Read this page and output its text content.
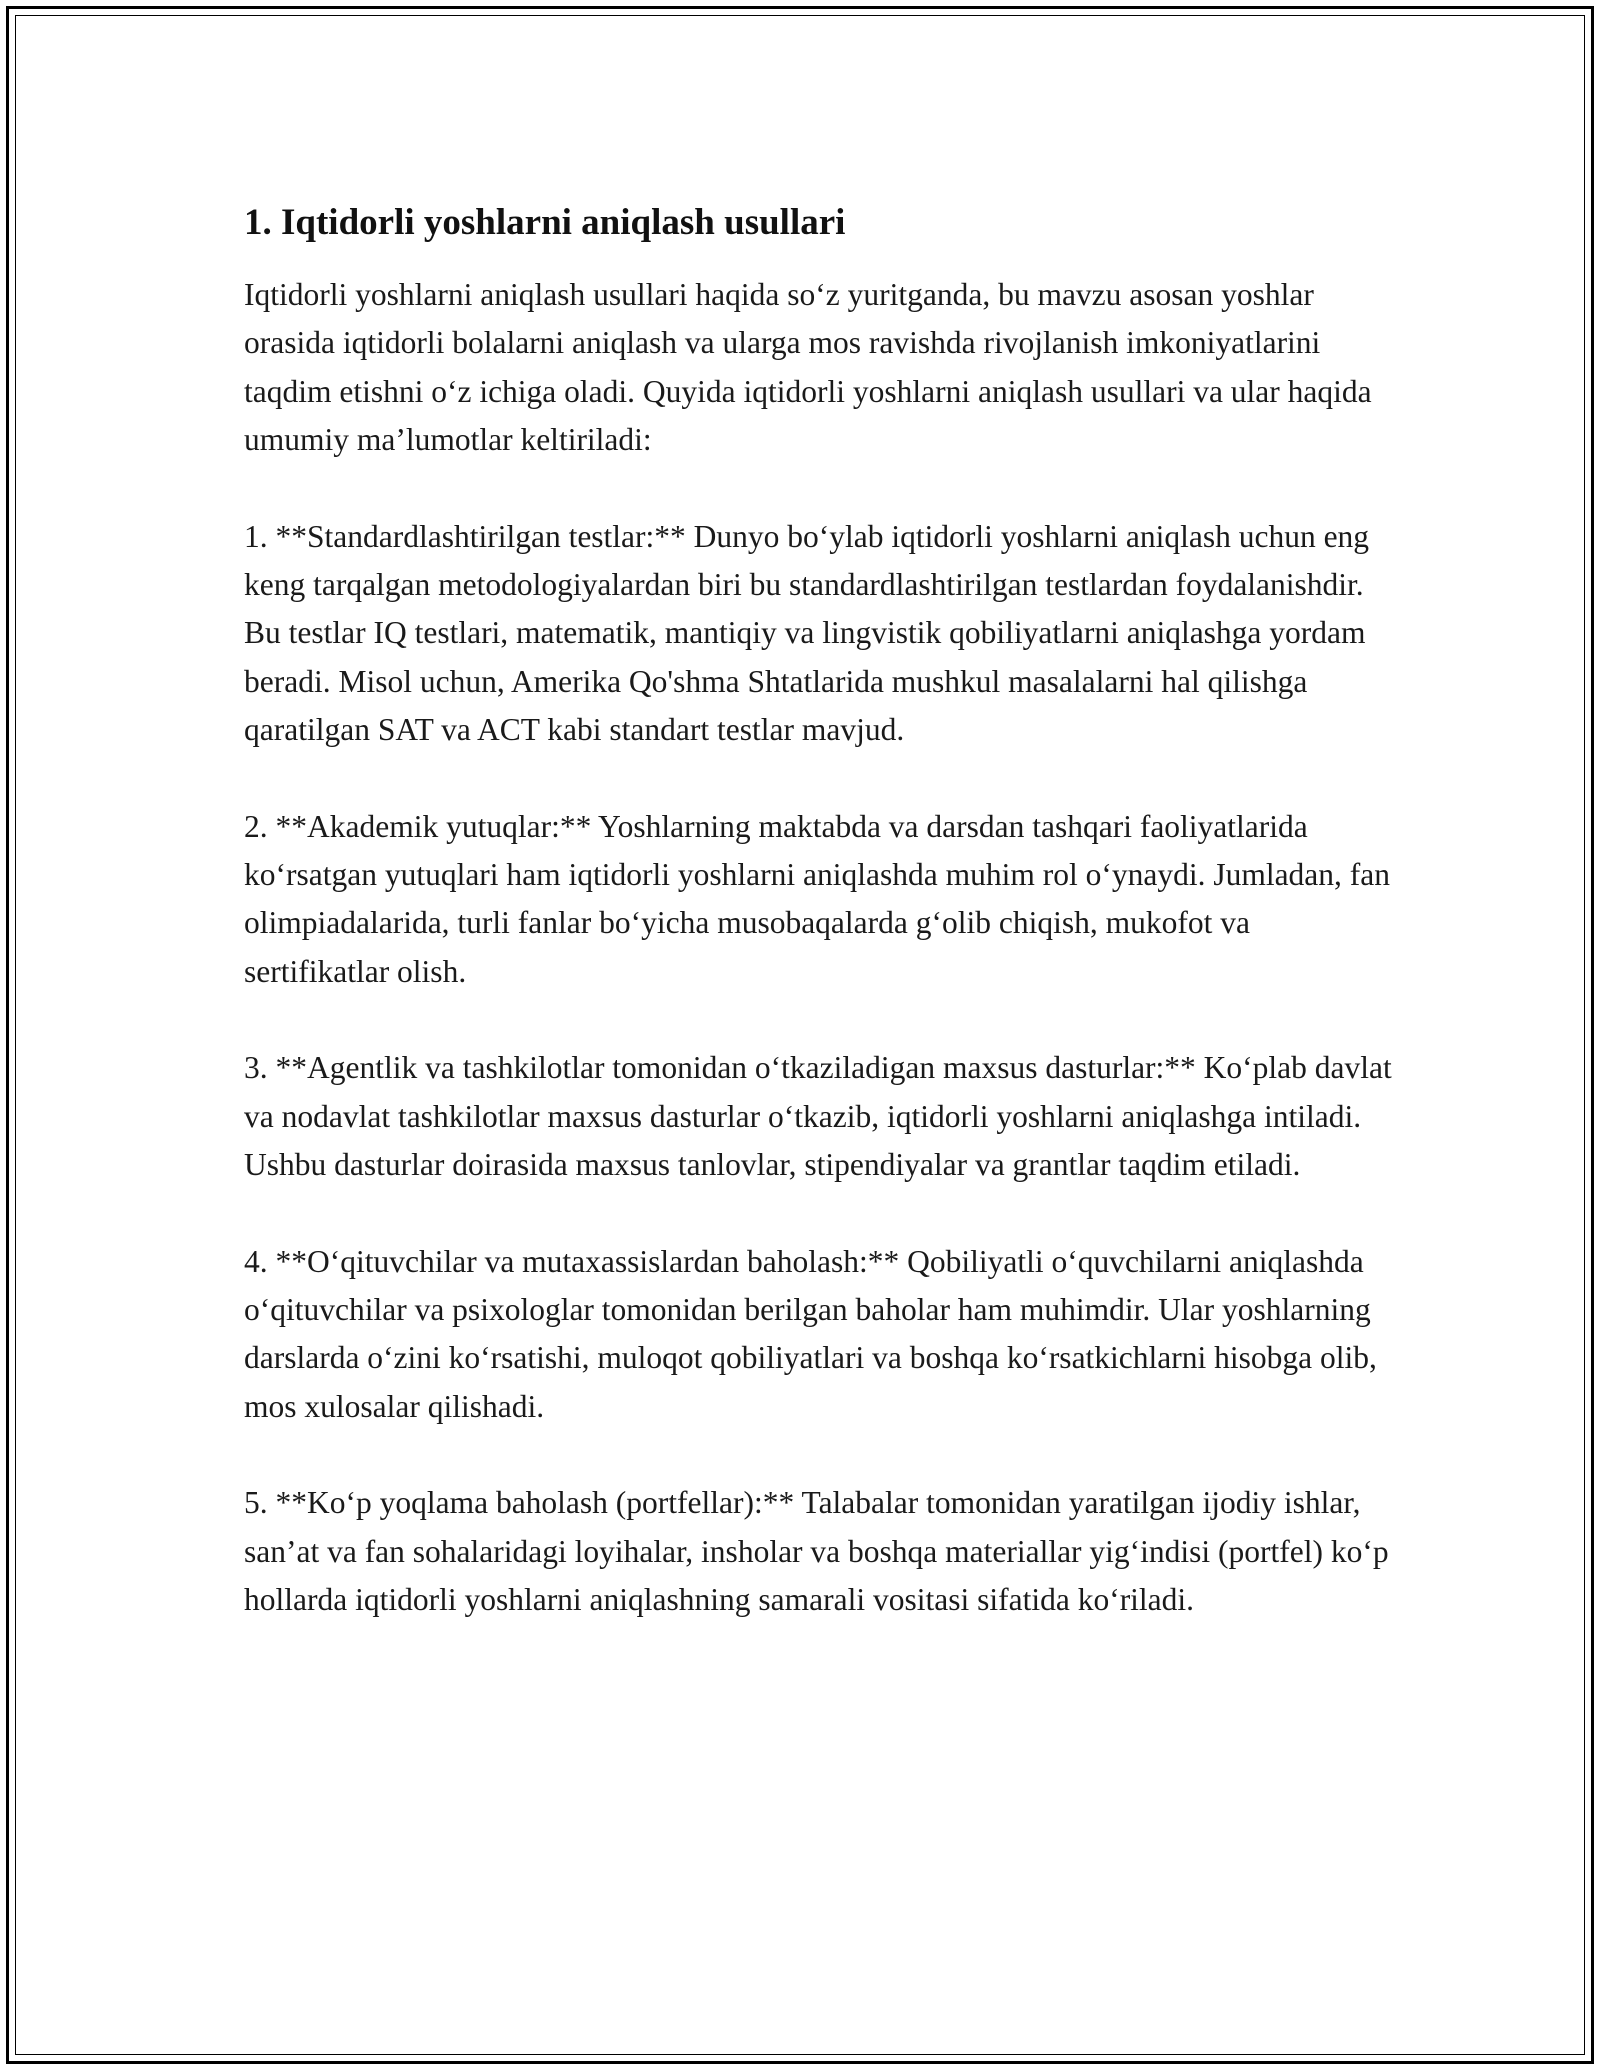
1. Iqtidorli yoshlarni aniqlash usullari

Iqtidorli yoshlarni aniqlash usullari haqida so‘z yuritganda, bu mavzu asosan yoshlar orasida iqtidorli bolalarni aniqlash va ularga mos ravishda rivojlanish imkoniyatlarini taqdim etishni o‘z ichiga oladi. Quyida iqtidorli yoshlarni aniqlash usullari va ular haqida umumiy ma’lumotlar keltiriladi:

1. **Standardlashtirilgan testlar:** Dunyo bo‘ylab iqtidorli yoshlarni aniqlash uchun eng keng tarqalgan metodologiyalardan biri bu standardlashtirilgan testlardan foydalanishdir. Bu testlar IQ testlari, matematik, mantiqiy va lingvistik qobiliyatlarni aniqlashga yordam beradi. Misol uchun, Amerika Qo'shma Shtatlarida mushkul masalalarni hal qilishga qaratilgan SAT va ACT kabi standart testlar mavjud.

2. **Akademik yutuqlar:** Yoshlarning maktabda va darsdan tashqari faoliyatlarida ko‘rsatgan yutuqlari ham iqtidorli yoshlarni aniqlashda muhim rol o‘ynaydi. Jumladan, fan olimpiadalarida, turli fanlar bo‘yicha musobaqalarda g‘olib chiqish, mukofot va sertifikatlar olish.

3. **Agentlik va tashkilotlar tomonidan o‘tkaziladigan maxsus dasturlar:** Ko‘plab davlat va nodavlat tashkilotlar maxsus dasturlar o‘tkazib, iqtidorli yoshlarni aniqlashga intiladi. Ushbu dasturlar doirasida maxsus tanlovlar, stipendiyalar va grantlar taqdim etiladi.

4. **O‘qituvchilar va mutaxassislardan baholash:** Qobiliyatli o‘quvchilarni aniqlashda o‘qituvchilar va psixologlar tomonidan berilgan baholar ham muhimdir. Ular yoshlarning darslarda o‘zini ko‘rsatishi, muloqot qobiliyatlari va boshqa ko‘rsatkichlarni hisobga olib, mos xulosalar qilishadi.

5. **Ko‘p yoqlama baholash (portfellar):** Talabalar tomonidan yaratilgan ijodiy ishlar, san’at va fan sohalaridagi loyihalar, insholar va boshqa materiallar yig‘indisi (portfel) ko‘p hollarda iqtidorli yoshlarni aniqlashning samarali vositasi sifatida ko‘riladi.
